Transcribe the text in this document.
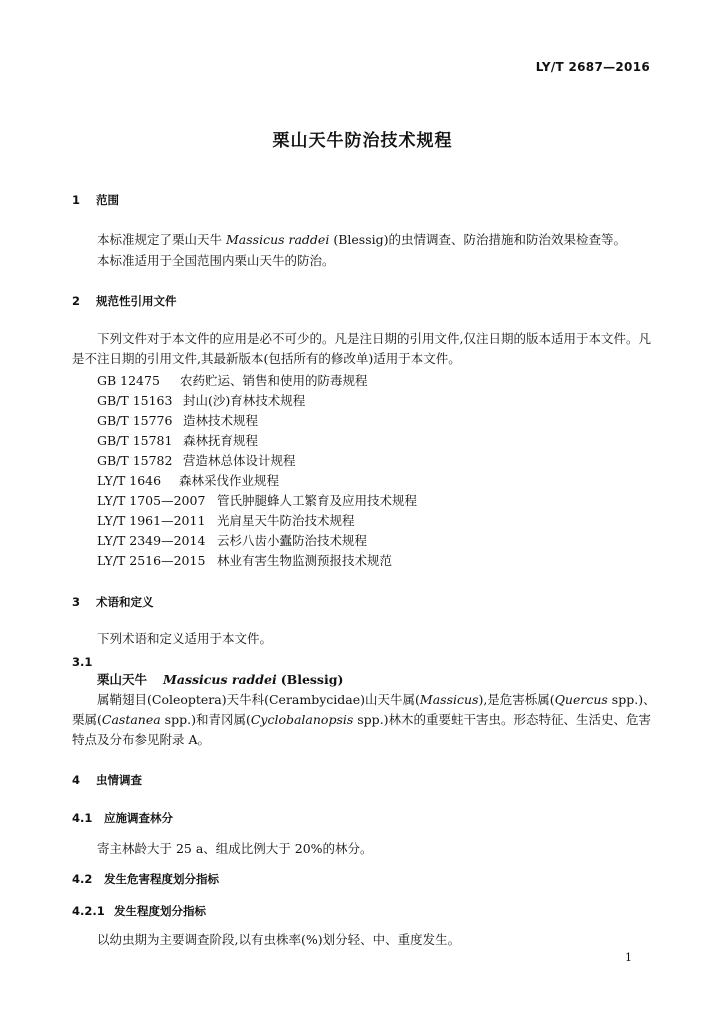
LY/T 2687—2016
栗山天牛防治技术规程
1 范围
本标准规定了栗山天牛 Massicus raddei (Blessig)的虫情调查、防治措施和防治效果检查等。
本标准适用于全国范围内栗山天牛的防治。
2 规范性引用文件
下列文件对于本文件的应用是必不可少的。凡是注日期的引用文件,仅注日期的版本适用于本文件。凡是不注日期的引用文件,其最新版本(包括所有的修改单)适用于本文件。
GB 12475 农药贮运、销售和使用的防毒规程
GB/T 15163 封山(沙)育林技术规程
GB/T 15776 造林技术规程
GB/T 15781 森林抚育规程
GB/T 15782 营造林总体设计规程
LY/T 1646 森林采伐作业规程
LY/T 1705—2007 管氏肿腿蜂人工繁育及应用技术规程
LY/T 1961—2011 光肩星天牛防治技术规程
LY/T 2349—2014 云杉八齿小蠹防治技术规程
LY/T 2516—2015 林业有害生物监测预报技术规范
3 术语和定义
下列术语和定义适用于本文件。
3.1
栗山天牛 Massicus raddei (Blessig)
属鞘翅目(Coleoptera)天牛科(Cerambycidae)山天牛属(Massicus),是危害栎属(Quercus spp.)、栗属(Castanea spp.)和青冈属(Cyclobalanopsis spp.)林木的重要蛀干害虫。形态特征、生活史、危害特点及分布参见附录 A。
4 虫情调查
4.1 应施调查林分
寄主林龄大于 25 a、组成比例大于 20%的林分。
4.2 发生危害程度划分指标
4.2.1 发生程度划分指标
以幼虫期为主要调查阶段,以有虫株率(%)划分轻、中、重度发生。
1
